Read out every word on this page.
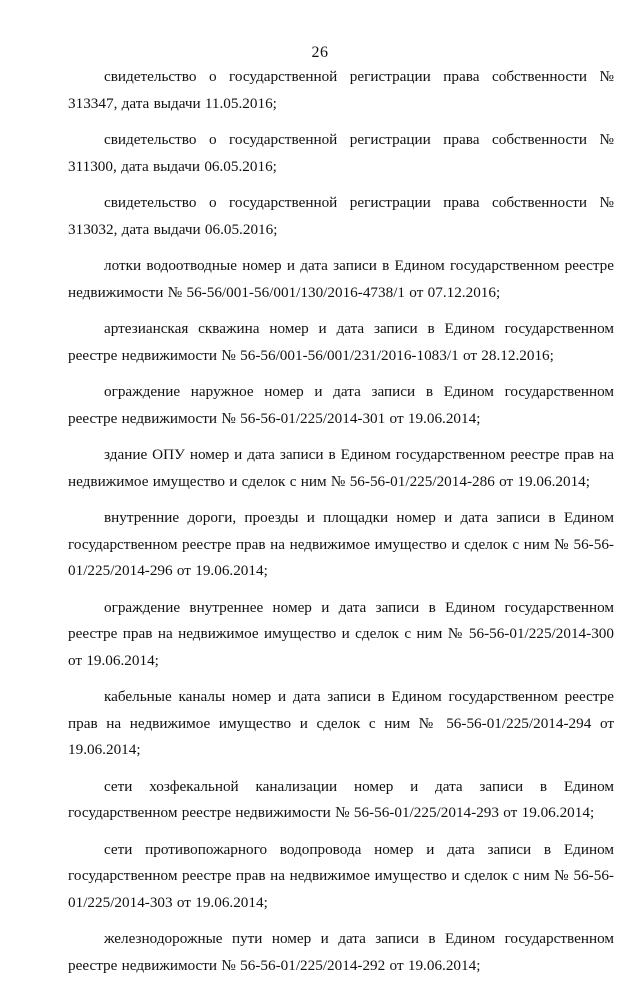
26

свидетельство о государственной регистрации права собственности № 313347, дата выдачи 11.05.2016;

свидетельство о государственной регистрации права собственности № 311300, дата выдачи 06.05.2016;

свидетельство о государственной регистрации права собственности № 313032, дата выдачи 06.05.2016;

лотки водоотводные номер и дата записи в Едином государственном реестре недвижимости № 56-56/001-56/001/130/2016-4738/1 от 07.12.2016;

артезианская скважина номер и дата записи в Едином государственном реестре недвижимости № 56-56/001-56/001/231/2016-1083/1 от 28.12.2016;

ограждение наружное номер и дата записи в Едином государственном реестре недвижимости № 56-56-01/225/2014-301 от 19.06.2014;

здание ОПУ номер и дата записи в Едином государственном реестре прав на недвижимое имущество и сделок с ним № 56-56-01/225/2014-286 от 19.06.2014;

внутренние дороги, проезды и площадки номер и дата записи в Едином государственном реестре прав на недвижимое имущество и сделок с ним № 56-56-01/225/2014-296 от 19.06.2014;

ограждение внутреннее номер и дата записи в Едином государственном реестре прав на недвижимое имущество и сделок с ним № 56-56-01/225/2014-300 от 19.06.2014;

кабельные каналы номер и дата записи в Едином государственном реестре прав на недвижимое имущество и сделок с ним № 56-56-01/225/2014-294 от 19.06.2014;

сети хозфекальной канализации номер и дата записи в Едином государственном реестре недвижимости № 56-56-01/225/2014-293 от 19.06.2014;

сети противопожарного водопровода номер и дата записи в Едином государственном реестре прав на недвижимое имущество и сделок с ним № 56-56-01/225/2014-303 от 19.06.2014;

железнодорожные пути номер и дата записи в Едином государственном реестре недвижимости № 56-56-01/225/2014-292 от 19.06.2014;
